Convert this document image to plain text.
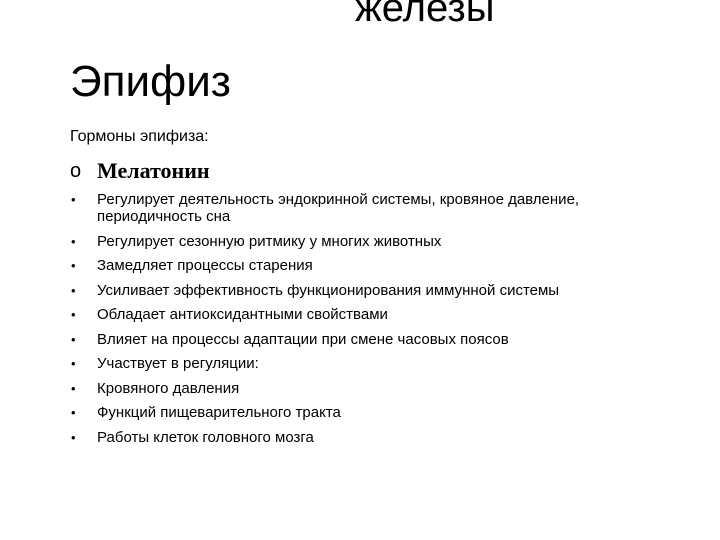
железы
Эпифиз
Гормоны эпифиза:
o Мелатонин
•	Регулирует деятельность эндокринной системы, кровяное давление, периодичность сна
•	Регулирует сезонную ритмику у многих животных
•	Замедляет процессы старения
•	Усиливает эффективность функционирования иммунной системы
•	Обладает антиоксидантными свойствами
•	Влияет на процессы адаптации при смене часовых поясов
•	Участвует в регуляции:
•	Кровяного давления
•	Функций пищеварительного тракта
•	Работы клеток головного мозга
